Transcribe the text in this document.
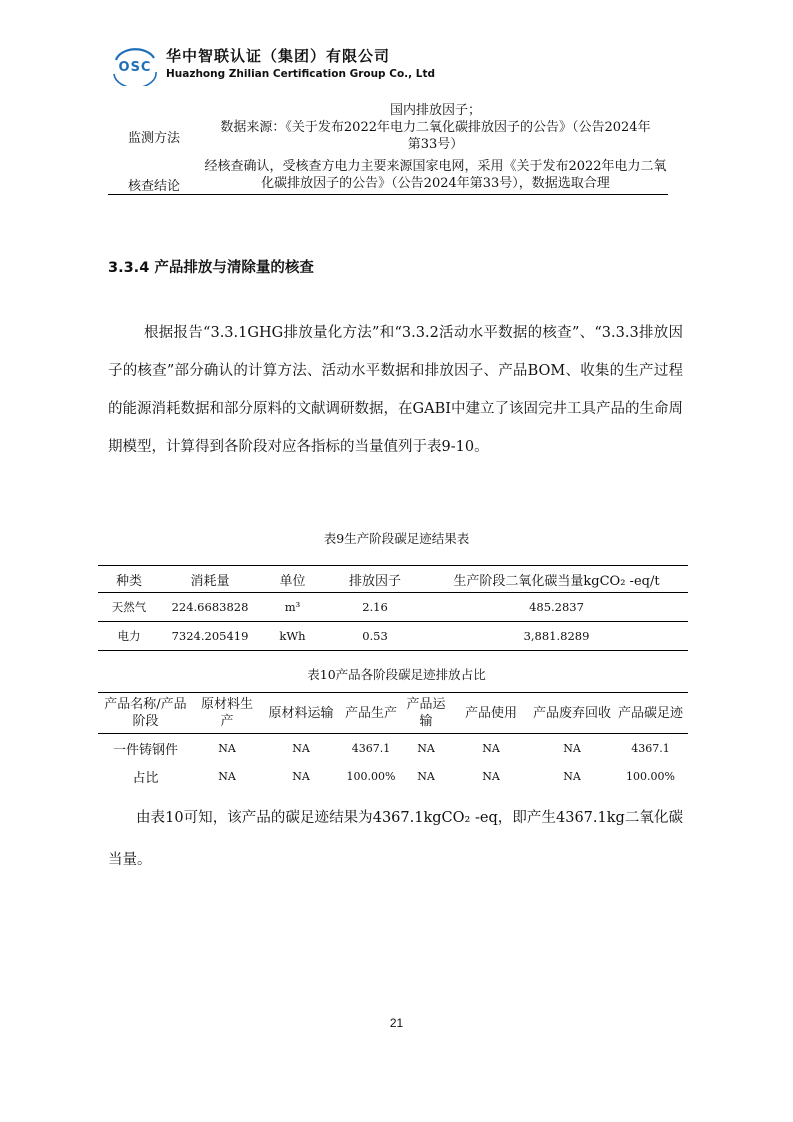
OSC
华中智联认证（集团）有限公司
Huazhong Zhilian Certification Group Co., Ltd
监测方法
国内排放因子；
数据来源：《关于发布2022年电力二氧化碳排放因子的公告》（公告2024年
第33号）
核查结论
经核查确认，受核查方电力主要来源国家电网，采用《关于发布2022年电力二氧
化碳排放因子的公告》（公告2024年第33号），数据选取合理
3.3.4 产品排放与清除量的核查

根据报告“3.3.1GHG排放量化方法”和“3.3.2活动水平数据的核查”、“3.3.3排放因子的核查”部分确认的计算方法、活动水平数据和排放因子、产品BOM、收集的生产过程的能源消耗数据和部分原料的文献调研数据，在GABI中建立了该固完井工具产品的生命周期模型，计算得到各阶段对应各指标的当量值列于表9-10。

表9生产阶段碳足迹结果表
种类	消耗量	单位	排放因子	生产阶段二氧化碳当量kgCO₂ -eq/t
天然气	224.6683828	m³	2.16	485.2837
电力	7324.205419	kWh	0.53	3,881.8289
表10产品各阶段碳足迹排放占比
产品名称/产品阶段	原材料生产	原材料运输	产品生产	产品运输	产品使用	产品废弃回收	产品碳足迹
一件铸钢件	NA	NA	4367.1	NA	NA	NA	4367.1
占比	NA	NA	100.00%	NA	NA	NA	100.00%

由表10可知，该产品的碳足迹结果为4367.1kgCO₂ -eq，即产生4367.1kg二氧化碳当量。

21
